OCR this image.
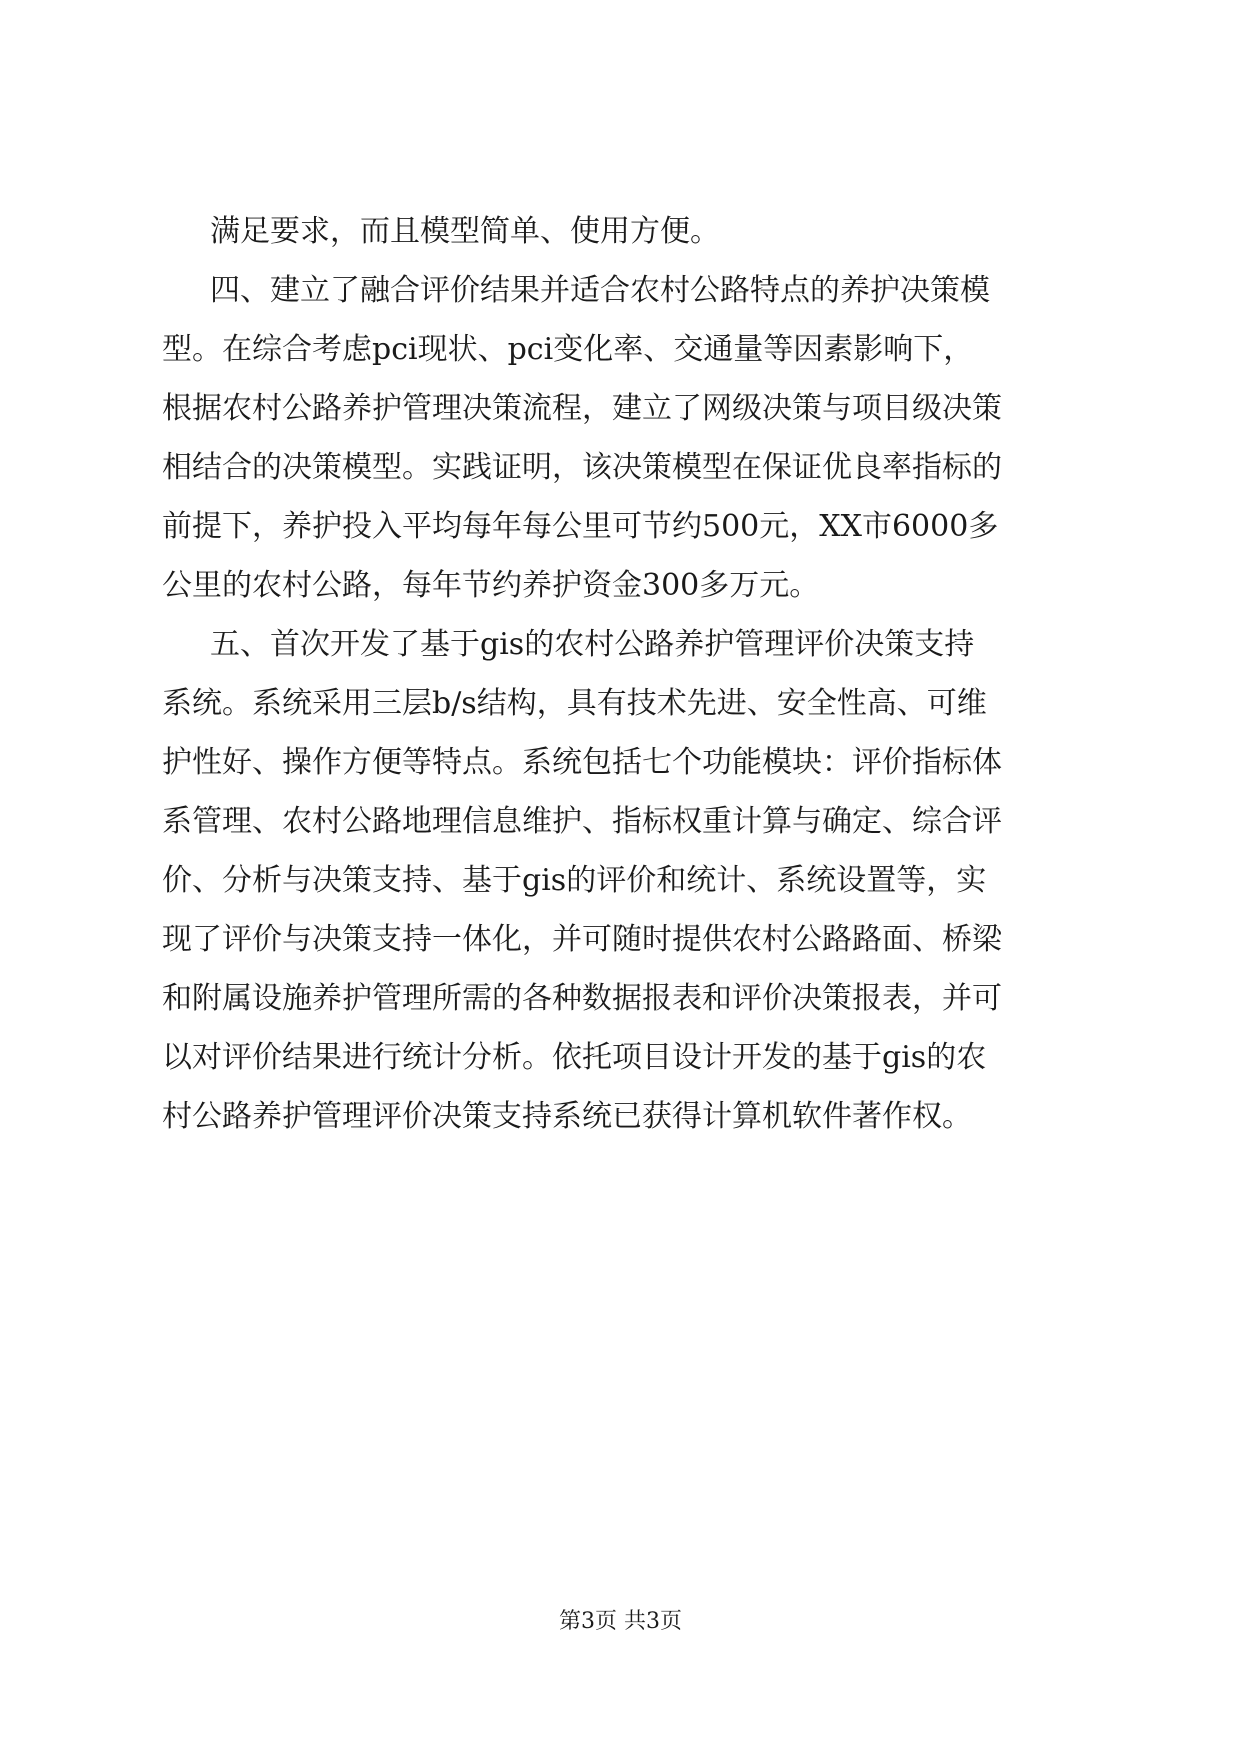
满足要求，而且模型简单、使用方便。
四、建立了融合评价结果并适合农村公路特点的养护决策模
型。在综合考虑pci现状、pci变化率、交通量等因素影响下，
根据农村公路养护管理决策流程，建立了网级决策与项目级决策
相结合的决策模型。实践证明，该决策模型在保证优良率指标的
前提下，养护投入平均每年每公里可节约500元，XX市6000多
公里的农村公路，每年节约养护资金300多万元。
五、首次开发了基于gis的农村公路养护管理评价决策支持
系统。系统采用三层b/s结构，具有技术先进、安全性高、可维
护性好、操作方便等特点。系统包括七个功能模块：评价指标体
系管理、农村公路地理信息维护、指标权重计算与确定、综合评
价、分析与决策支持、基于gis的评价和统计、系统设置等，实
现了评价与决策支持一体化，并可随时提供农村公路路面、桥梁
和附属设施养护管理所需的各种数据报表和评价决策报表，并可
以对评价结果进行统计分析。依托项目设计开发的基于gis的农
村公路养护管理评价决策支持系统已获得计算机软件著作权。
第3页 共3页
